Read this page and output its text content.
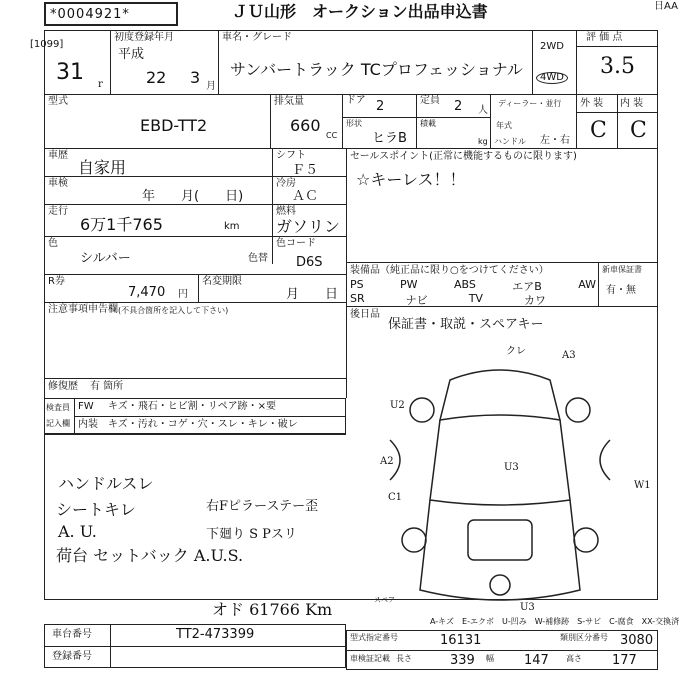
*0004921*	ＪＵ山形　オークション出品申込書	日AA
[1099]
31 r
初度登録年月
平成
22 3 月
車名・グレード
サンバートラック TCプロフェッショナル
2WD
4WD
評 価 点
3.5
型式
EBD-TT2
排気量
660
CC
ドア 2	定員 2 人
形状
ヒラB
積載
kg
ディーラー・並行
年式
ハンドル 左・右
外 装 内 装
C C
車歴
自家用
シフト
Ｆ５
車検
年　　月(　　日)
冷房
ＡＣ
走行
6万1千765	km
燃料
ガソリン
色
シルバー	色替
色コード
D6S
R券
7,470 円
名変期限
月　　日
注意事項申告欄 (不具合箇所を記入して下さい)
修復歴 有 箇所
セールスポイント(正常に機能するものに限ります)
☆キーレス！！
装備品（純正品に限り○をつけてください）
PS	PW	ABS	エアB	AW
SR	ナビ	TV	カワ
新車保証書
有・無
後日品
保証書・取説・スペアキー
検査員
記入欄
FW キズ・飛石・ヒビ割・リペア跡・×要
内装 キズ・汚れ・コゲ・穴・スレ・キレ・破レ
ハンドルスレ
シートキレ
A. U.
荷台 セットバック A.U.S.
右Fピラーステー歪
下廻り S Pスリ
オド 61766 Km
クレ	A3
U2
U3
A2
W1
C1
U3
スペア
A-キズ　E-エクボ　U-凹み　W-補修跡　S-サビ　C-腐食　XX-交換済
車台番号	TT2-473399
登録番号
型式指定番号	16131	類別区分番号 3080
車検証記載 長さ	339 幅 147 高さ 177
